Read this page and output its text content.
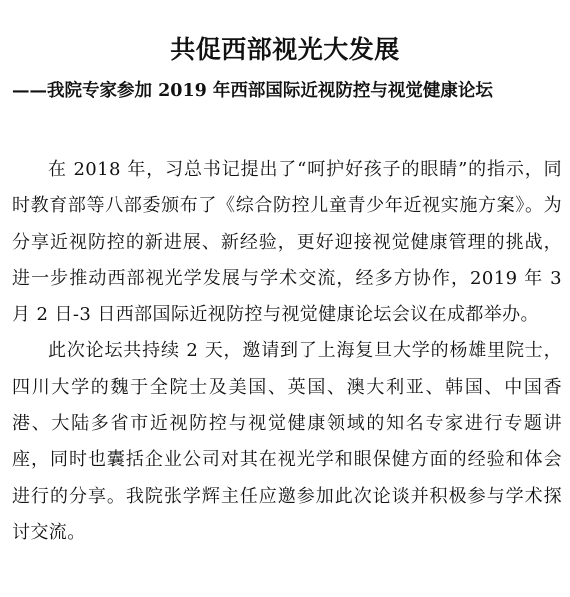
共促西部视光大发展
——我院专家参加 2019 年西部国际近视防控与视觉健康论坛

在 2018 年，习总书记提出了“呵护好孩子的眼睛”的指示，同时教育部等八部委颁布了《综合防控儿童青少年近视实施方案》。为分享近视防控的新进展、新经验，更好迎接视觉健康管理的挑战，进一步推动西部视光学发展与学术交流，经多方协作，2019 年 3 月 2 日-3 日西部国际近视防控与视觉健康论坛会议在成都举办。

此次论坛共持续 2 天，邀请到了上海复旦大学的杨雄里院士，四川大学的魏于全院士及美国、英国、澳大利亚、韩国、中国香港、大陆多省市近视防控与视觉健康领域的知名专家进行专题讲座，同时也囊括企业公司对其在视光学和眼保健方面的经验和体会进行的分享。我院张学辉主任应邀参加此次论谈并积极参与学术探讨交流。
